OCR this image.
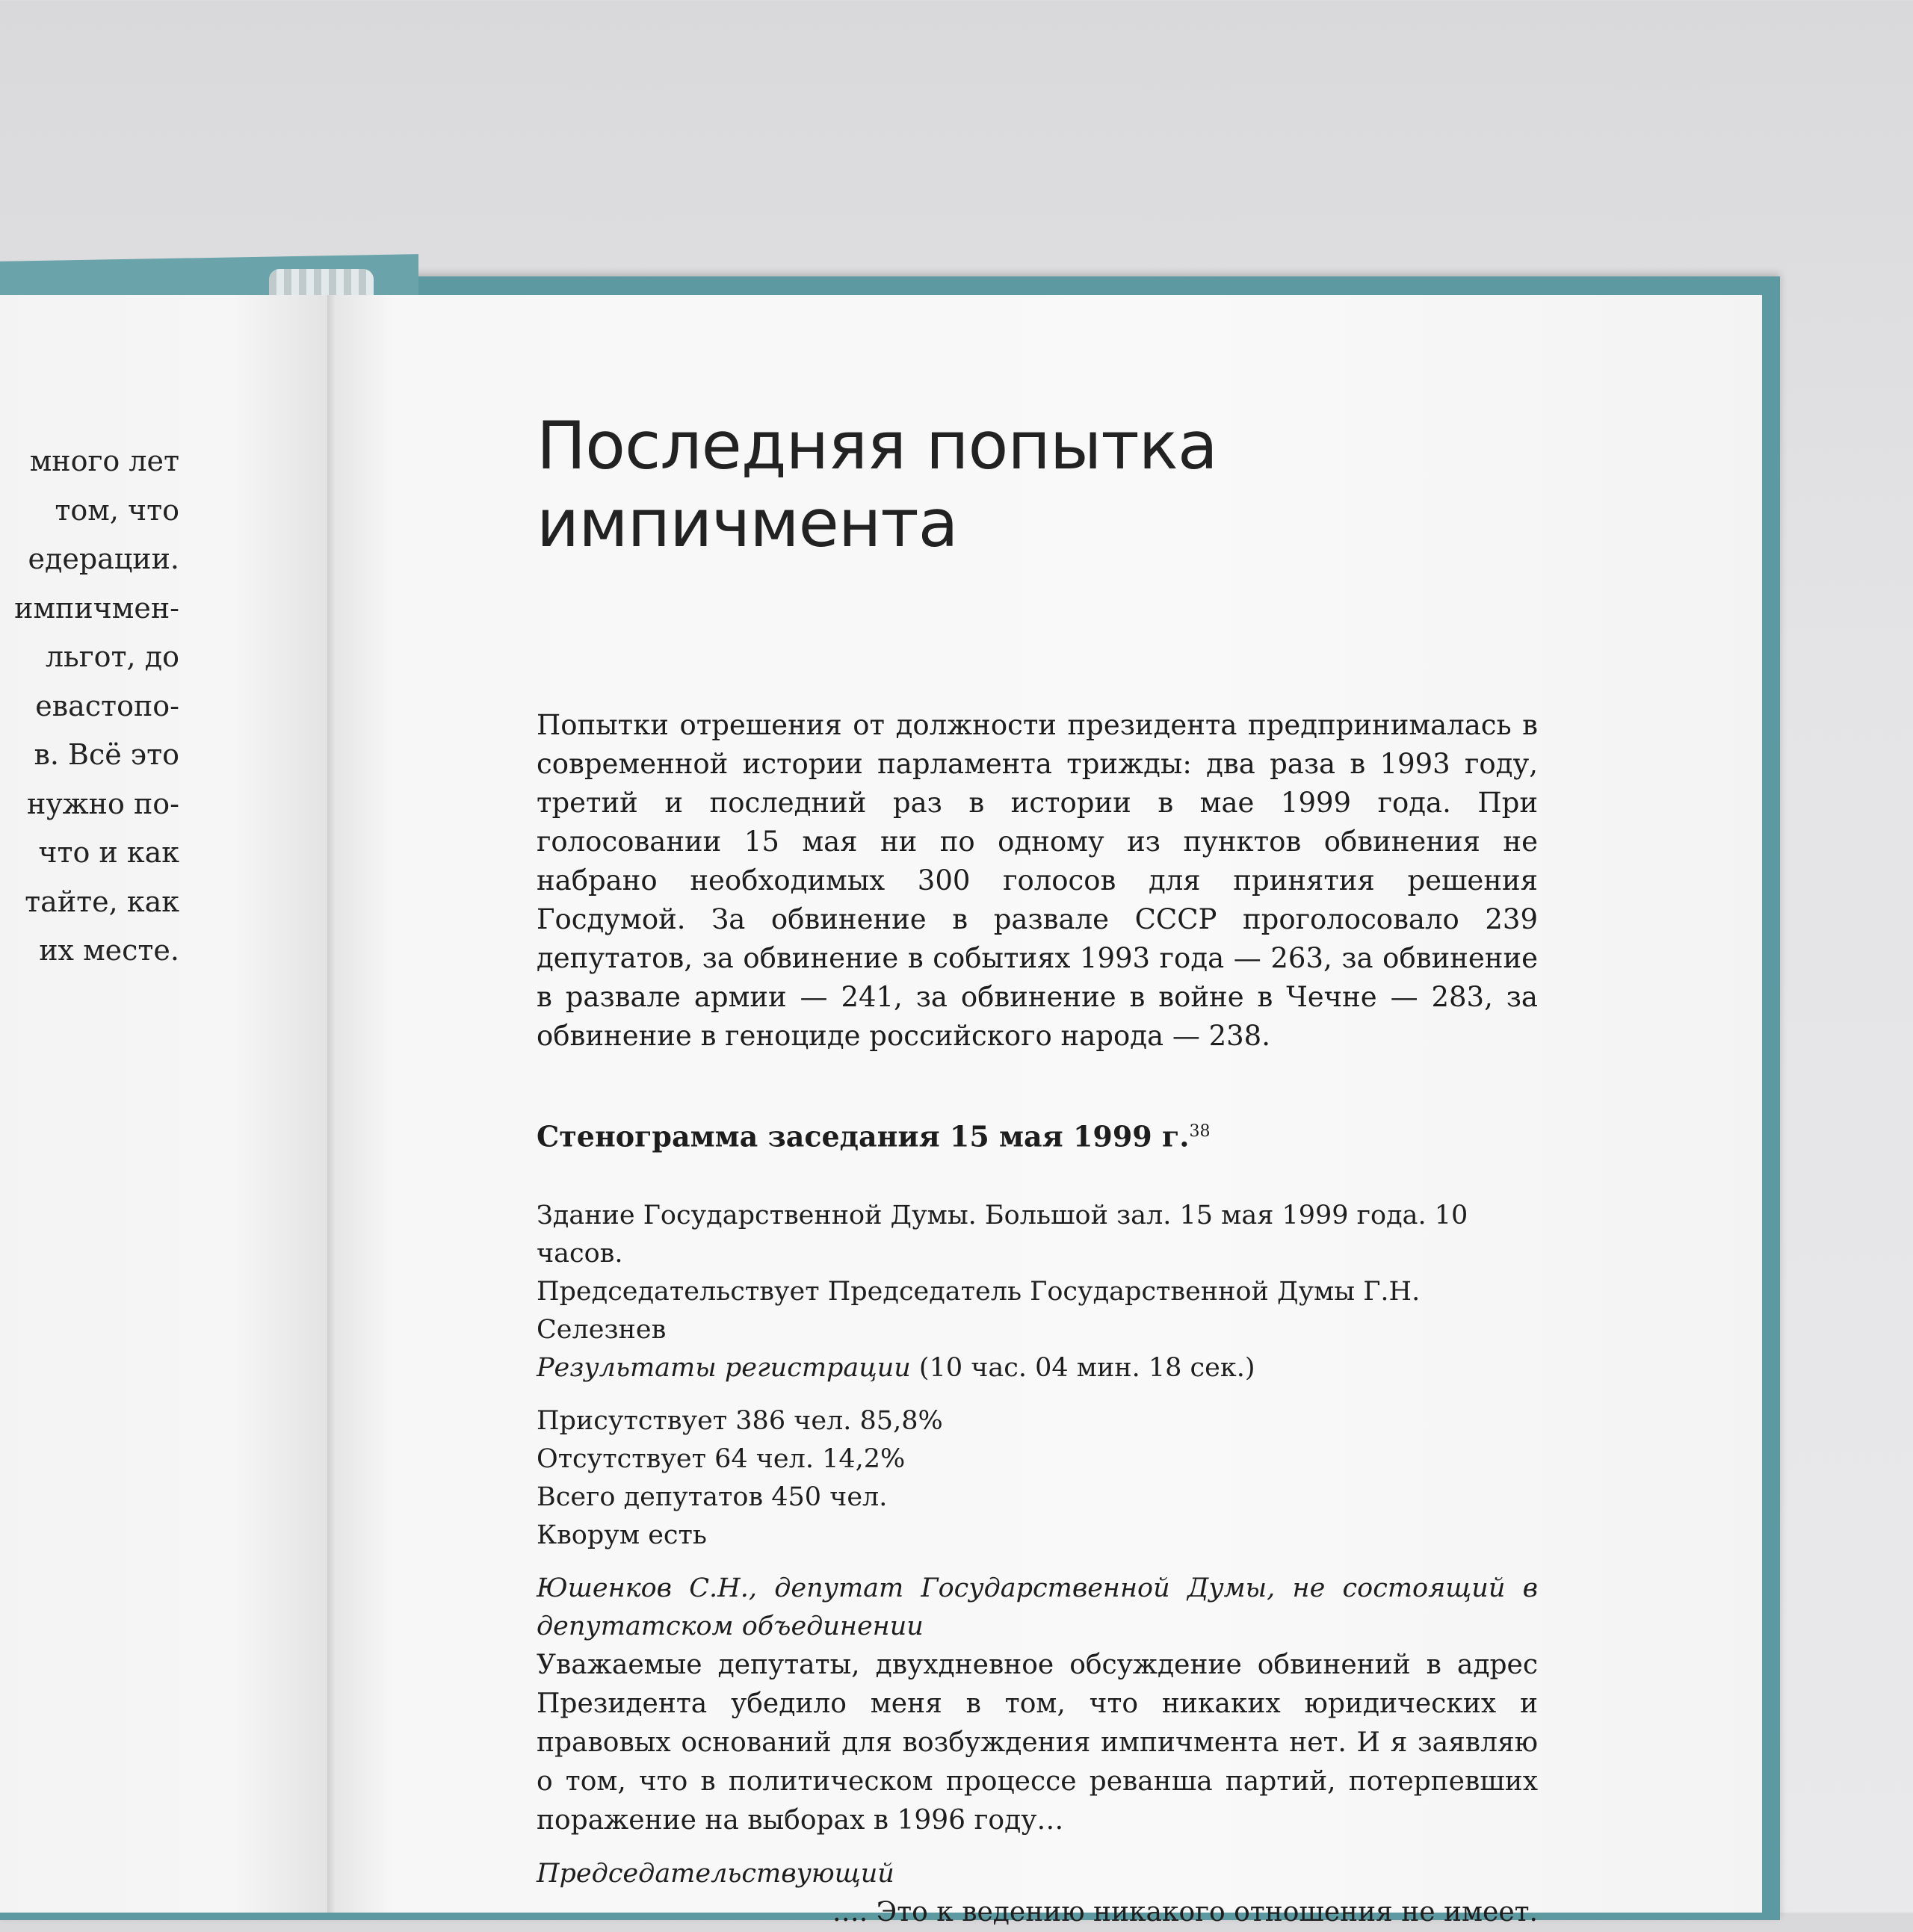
много лет
том, что
едерации.
импичмен-
льгот, до
евастопо-
в. Всё это
нужно по-
что и как
тайте, как
их месте.
Последняя попытка импичмента

Попытки отрешения от должности президента предпринималась в современной истории парламента трижды: два раза в 1993 году, третий и последний раз в истории в мае 1999 года. При голосовании 15 мая ни по одному из пунктов обвинения не набрано необходимых 300 голосов для принятия решения Госдумой. За обвинение в развале СССР проголосовало 239 депутатов, за обвинение в событиях 1993 года — 263, за обвинение в развале армии — 241, за обвинение в войне в Чечне — 283, за обвинение в геноциде российского народа — 238.

Стенограмма заседания 15 мая 1999 г.$^{38}$
Здание Государственной Думы. Большой зал. 15 мая 1999 года. 10 часов.
Председательствует Председатель Государственной Думы Г.Н. Селезнев
Результаты регистрации (10 час. 04 мин. 18 сек.)
Присутствует 386 чел. 85,8%
Отсутствует 64 чел. 14,2%
Всего депутатов 450 чел.
Кворум есть
Юшенков С.Н., депутат Государственной Думы, не состоящий в депутатском объединении
Уважаемые депутаты, двухдневное обсуждение обвинений в адрес Президента убедило меня в том, что никаких юридических и правовых оснований для возбуждения импичмента нет. И я заявляю о том, что в политическом процессе реванша партий, потерпевших поражение на выборах в 1996 году…
Председательствующий
…. Это к ведению никакого отношения не имеет.
